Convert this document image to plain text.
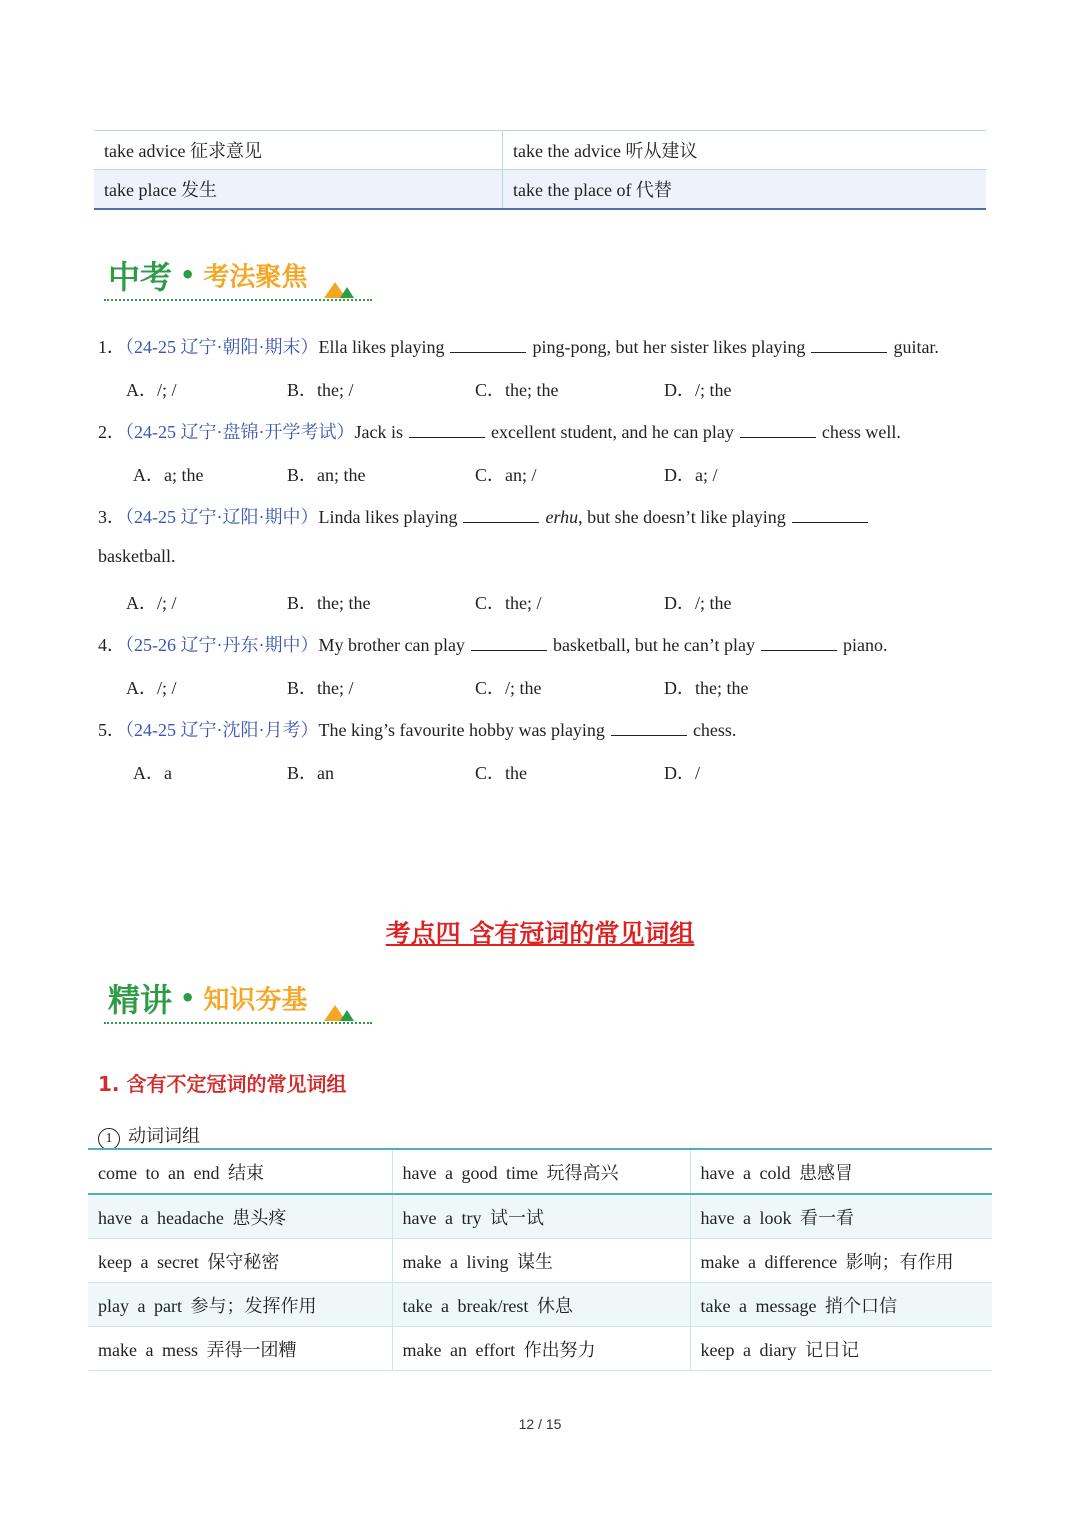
take advice 征求意见	take the advice 听从建议
take place 发生	take the place of 代替
中考 • 考法聚焦
1．（24-25 辽宁·朝阳·期末）Ella likes playing	ping-pong, but her sister likes playing	guitar.
A．/; /	B．the; /	C．the; the	D．/; the
2．（24-25 辽宁·盘锦·开学考试）Jack is	excellent student, and he can play	chess well.
A．a; the	B．an; the	C．an; /	D．a; /
3．（24-25 辽宁·辽阳·期中）Linda likes playing	erhu, but she doesn’t like playing
basketball.
A．/; /	B．the; the	C．the; /	D．/; the
4．（25-26 辽宁·丹东·期中）My brother can play	basketball, but he can’t play	piano.
A．/; /	B．the; /	C．/; the	D．the; the
5．（24-25 辽宁·沈阳·月考）The king’s favourite hobby was playing	chess.
A．a	B．an	C．the	D．/
考点四 含有冠词的常见词组
精讲 • 知识夯基
1. 含有不定冠词的常见词组
1 动词词组
come to an end 结束	have a good time 玩得高兴	have a cold 患感冒
have a headache 患头疼	have a try 试一试	have a look 看一看
keep a secret 保守秘密	make a living 谋生	make a difference 影响；有作用
play a part 参与；发挥作用	take a break/rest 休息	take a message 捎个口信
make a mess 弄得一团糟	make an effort 作出努力	keep a diary 记日记
12 / 15
